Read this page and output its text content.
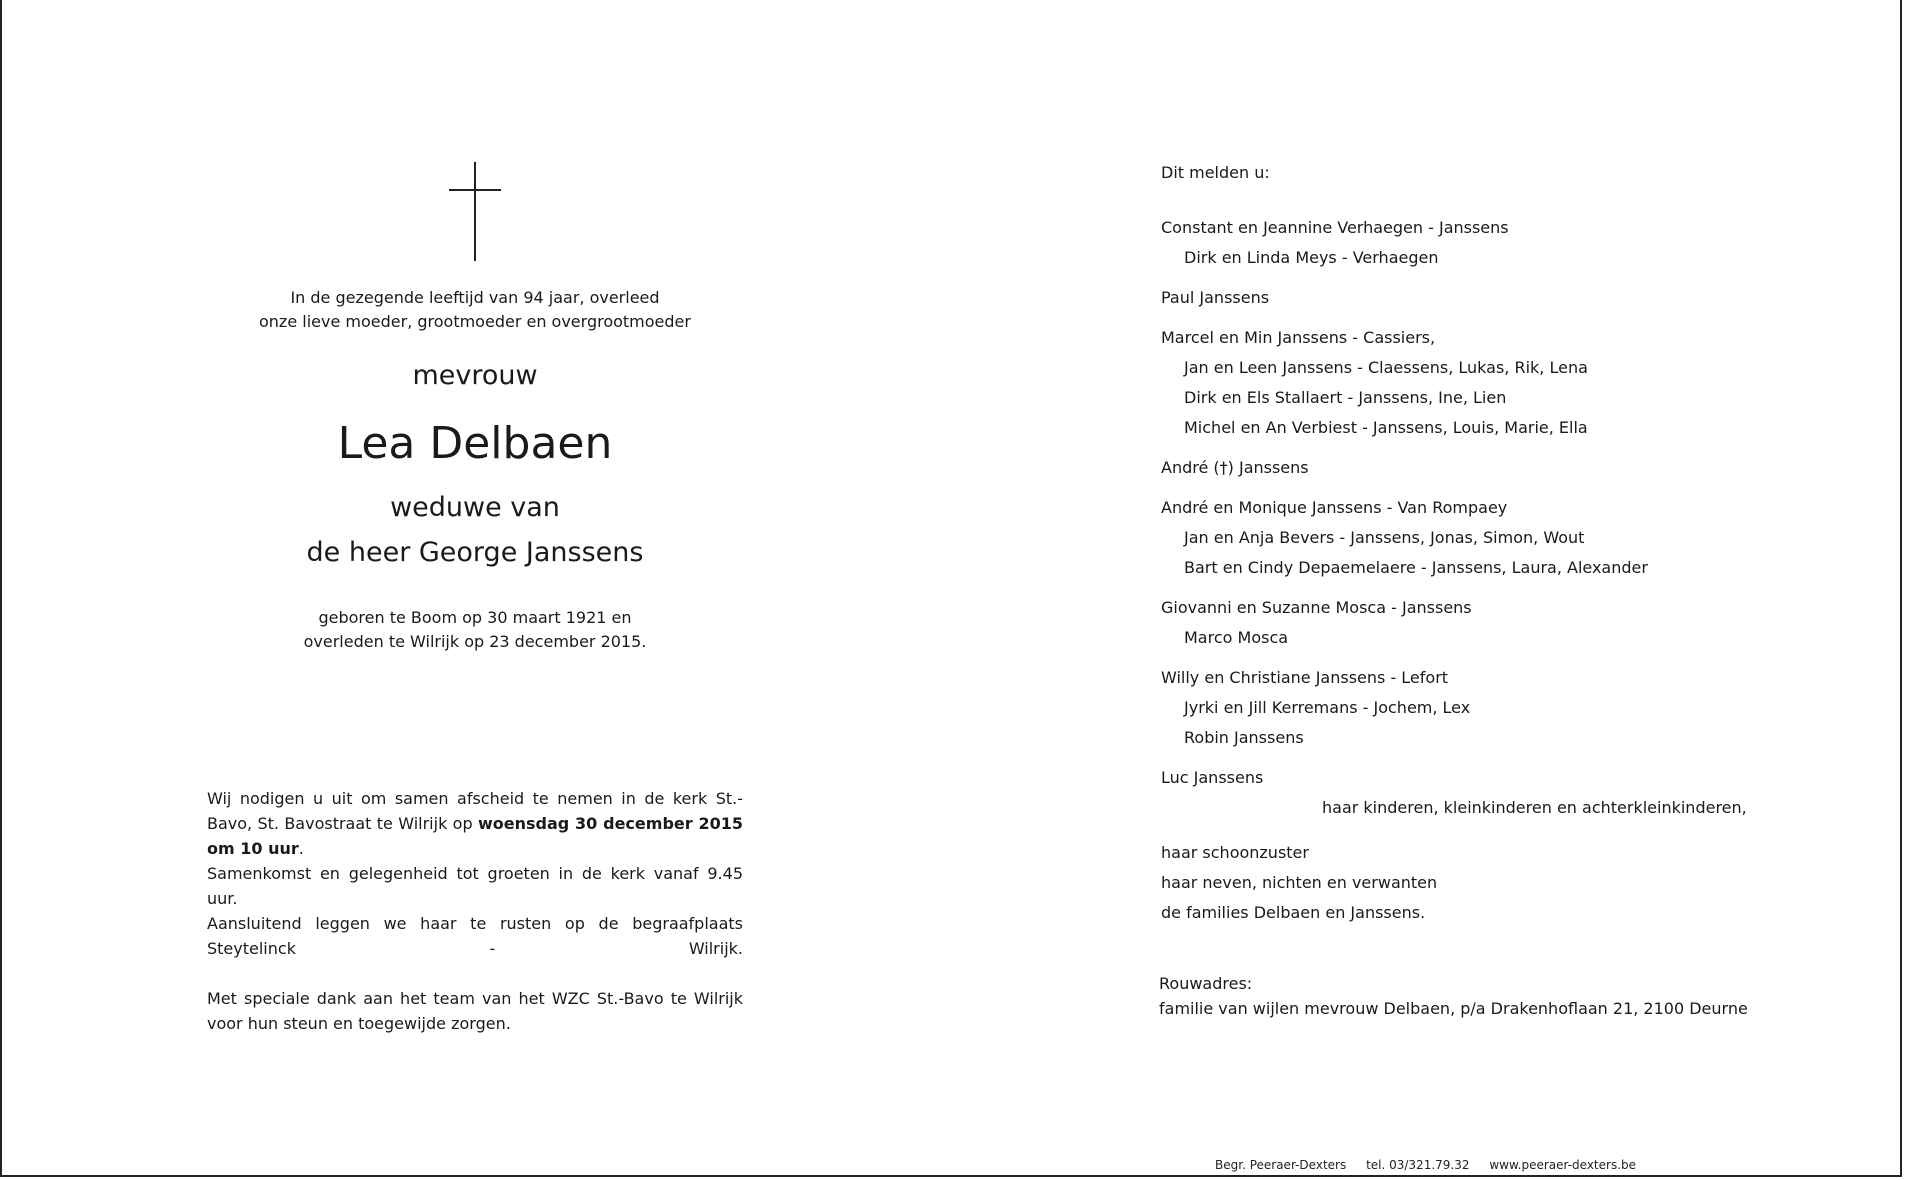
In de gezegende leeftijd van 94 jaar, overleed
onze lieve moeder, grootmoeder en overgrootmoeder
mevrouw
Lea Delbaen
weduwe van
de heer George Janssens
geboren te Boom op 30 maart 1921 en
overleden te Wilrijk op 23 december 2015.
Wij nodigen u uit om samen afscheid te nemen in de kerk St.-Bavo, St. Bavostraat te Wilrijk op woensdag 30 december 2015 om 10 uur.
Samenkomst en gelegenheid tot groeten in de kerk vanaf 9.45 uur.
Aansluitend leggen we haar te rusten op de begraafplaats Steytelinck - Wilrijk.
Met speciale dank aan het team van het WZC St.-Bavo te Wilrijk voor hun steun en toegewijde zorgen.
Dit melden u:
Constant en Jeannine Verhaegen - Janssens
Dirk en Linda Meys - Verhaegen
Paul Janssens
Marcel en Min Janssens - Cassiers,
Jan en Leen Janssens - Claessens, Lukas, Rik, Lena
Dirk en Els Stallaert - Janssens, Ine, Lien
Michel en An Verbiest - Janssens, Louis, Marie, Ella
André (†) Janssens
André en Monique Janssens - Van Rompaey
Jan en Anja Bevers - Janssens, Jonas, Simon, Wout
Bart en Cindy Depaemelaere - Janssens, Laura, Alexander
Giovanni en Suzanne Mosca - Janssens
Marco Mosca
Willy en Christiane Janssens - Lefort
Jyrki en Jill Kerremans - Jochem, Lex
Robin Janssens
Luc Janssens
haar kinderen, kleinkinderen en achterkleinkinderen,
haar schoonzuster
haar neven, nichten en verwanten
de families Delbaen en Janssens.
Rouwadres:
familie van wijlen mevrouw Delbaen, p/a Drakenhoflaan 21, 2100 Deurne
Begr. Peeraer-Dexters tel. 03/321.79.32 www.peeraer-dexters.be
